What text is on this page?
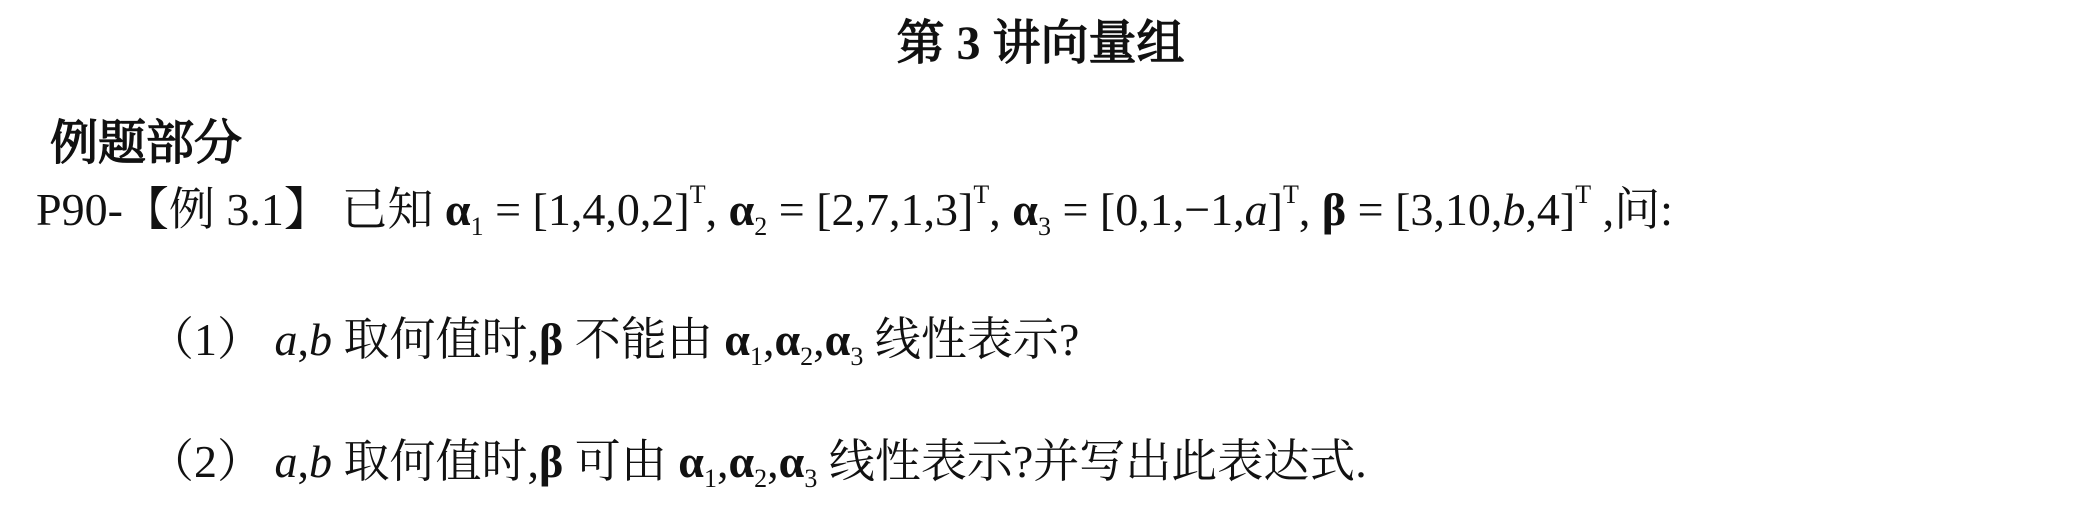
第 3 讲向量组
例题部分
P90-【例 3.1】 已知 $\alpha_1 = [1,4,0,2]^T$, $\alpha_2 = [2,7,1,3]^T$, $\alpha_3 = [0,1,-1,a]^T$, $\beta = [3,10,b,4]^T$ ,问:
（1） a,b 取何值时,β 不能由 $\alpha_1,\alpha_2,\alpha_3$ 线性表示?
（2） a,b 取何值时,β 可由 $\alpha_1,\alpha_2,\alpha_3$ 线性表示?并写出此表达式.
